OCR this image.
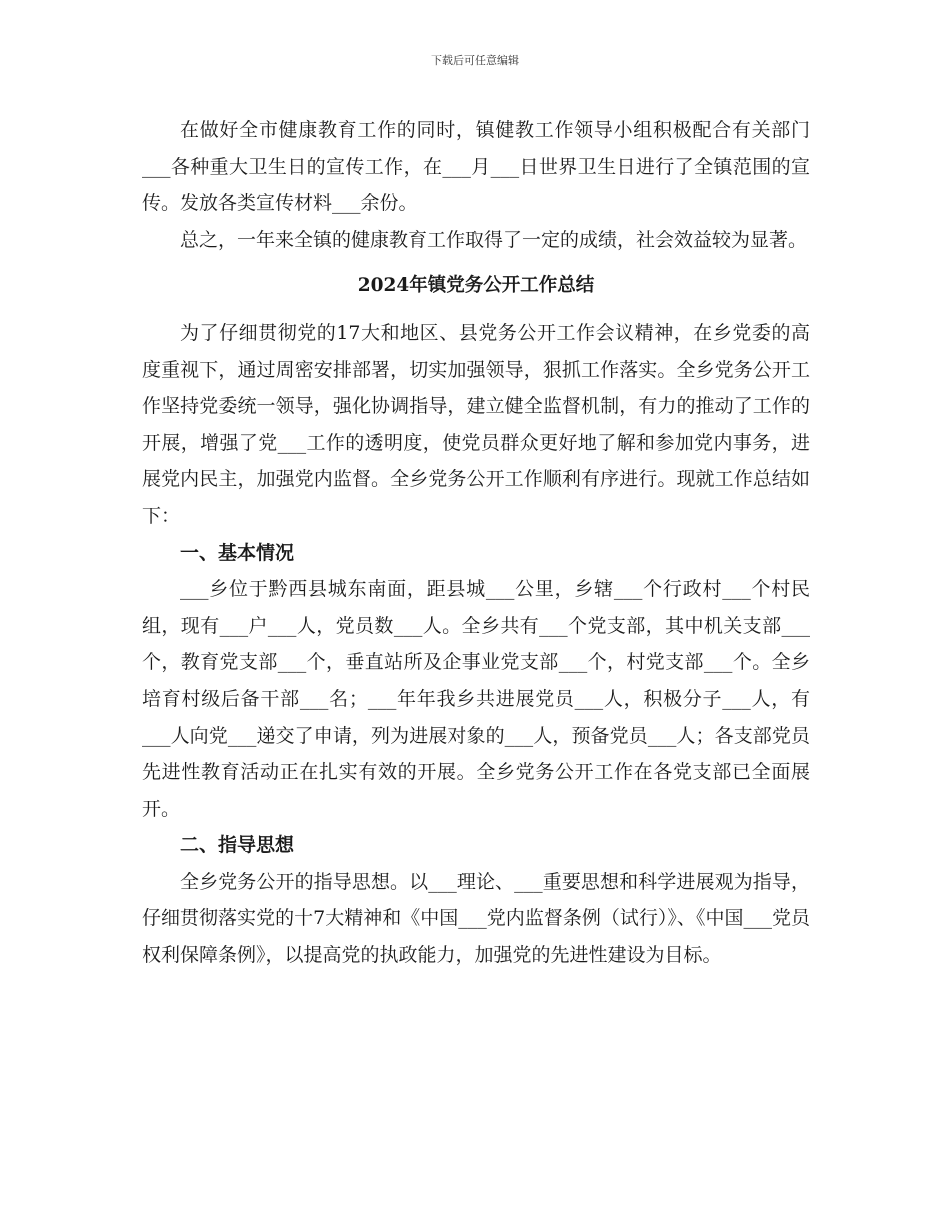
下载后可任意编辑

在做好全市健康教育工作的同时，镇健教工作领导小组积极配合有关部门___各种重大卫生日的宣传工作，在___月___日世界卫生日进行了全镇范围的宣传。发放各类宣传材料___余份。

总之，一年来全镇的健康教育工作取得了一定的成绩，社会效益较为显著。

2024年镇党务公开工作总结

为了仔细贯彻党的17大和地区、县党务公开工作会议精神，在乡党委的高度重视下，通过周密安排部署，切实加强领导，狠抓工作落实。全乡党务公开工作坚持党委统一领导，强化协调指导，建立健全监督机制，有力的推动了工作的开展，增强了党___工作的透明度，使党员群众更好地了解和参加党内事务，进展党内民主，加强党内监督。全乡党务公开工作顺利有序进行。现就工作总结如下：

一、基本情况

___乡位于黔西县城东南面，距县城___公里，乡辖___个行政村___个村民组，现有___户___人，党员数___人。全乡共有___个党支部，其中机关支部___个，教育党支部___个，垂直站所及企事业党支部___个，村党支部___个。全乡培育村级后备干部___名；___年年我乡共进展党员___人，积极分子___人，有___人向党___递交了申请，列为进展对象的___人，预备党员___人；各支部党员先进性教育活动正在扎实有效的开展。全乡党务公开工作在各党支部已全面展开。

二、指导思想

全乡党务公开的指导思想。以___理论、___重要思想和科学进展观为指导，仔细贯彻落实党的十7大精神和《中国___党内监督条例（试行）》、《中国___党员权利保障条例》，以提高党的执政能力，加强党的先进性建设为目标。
